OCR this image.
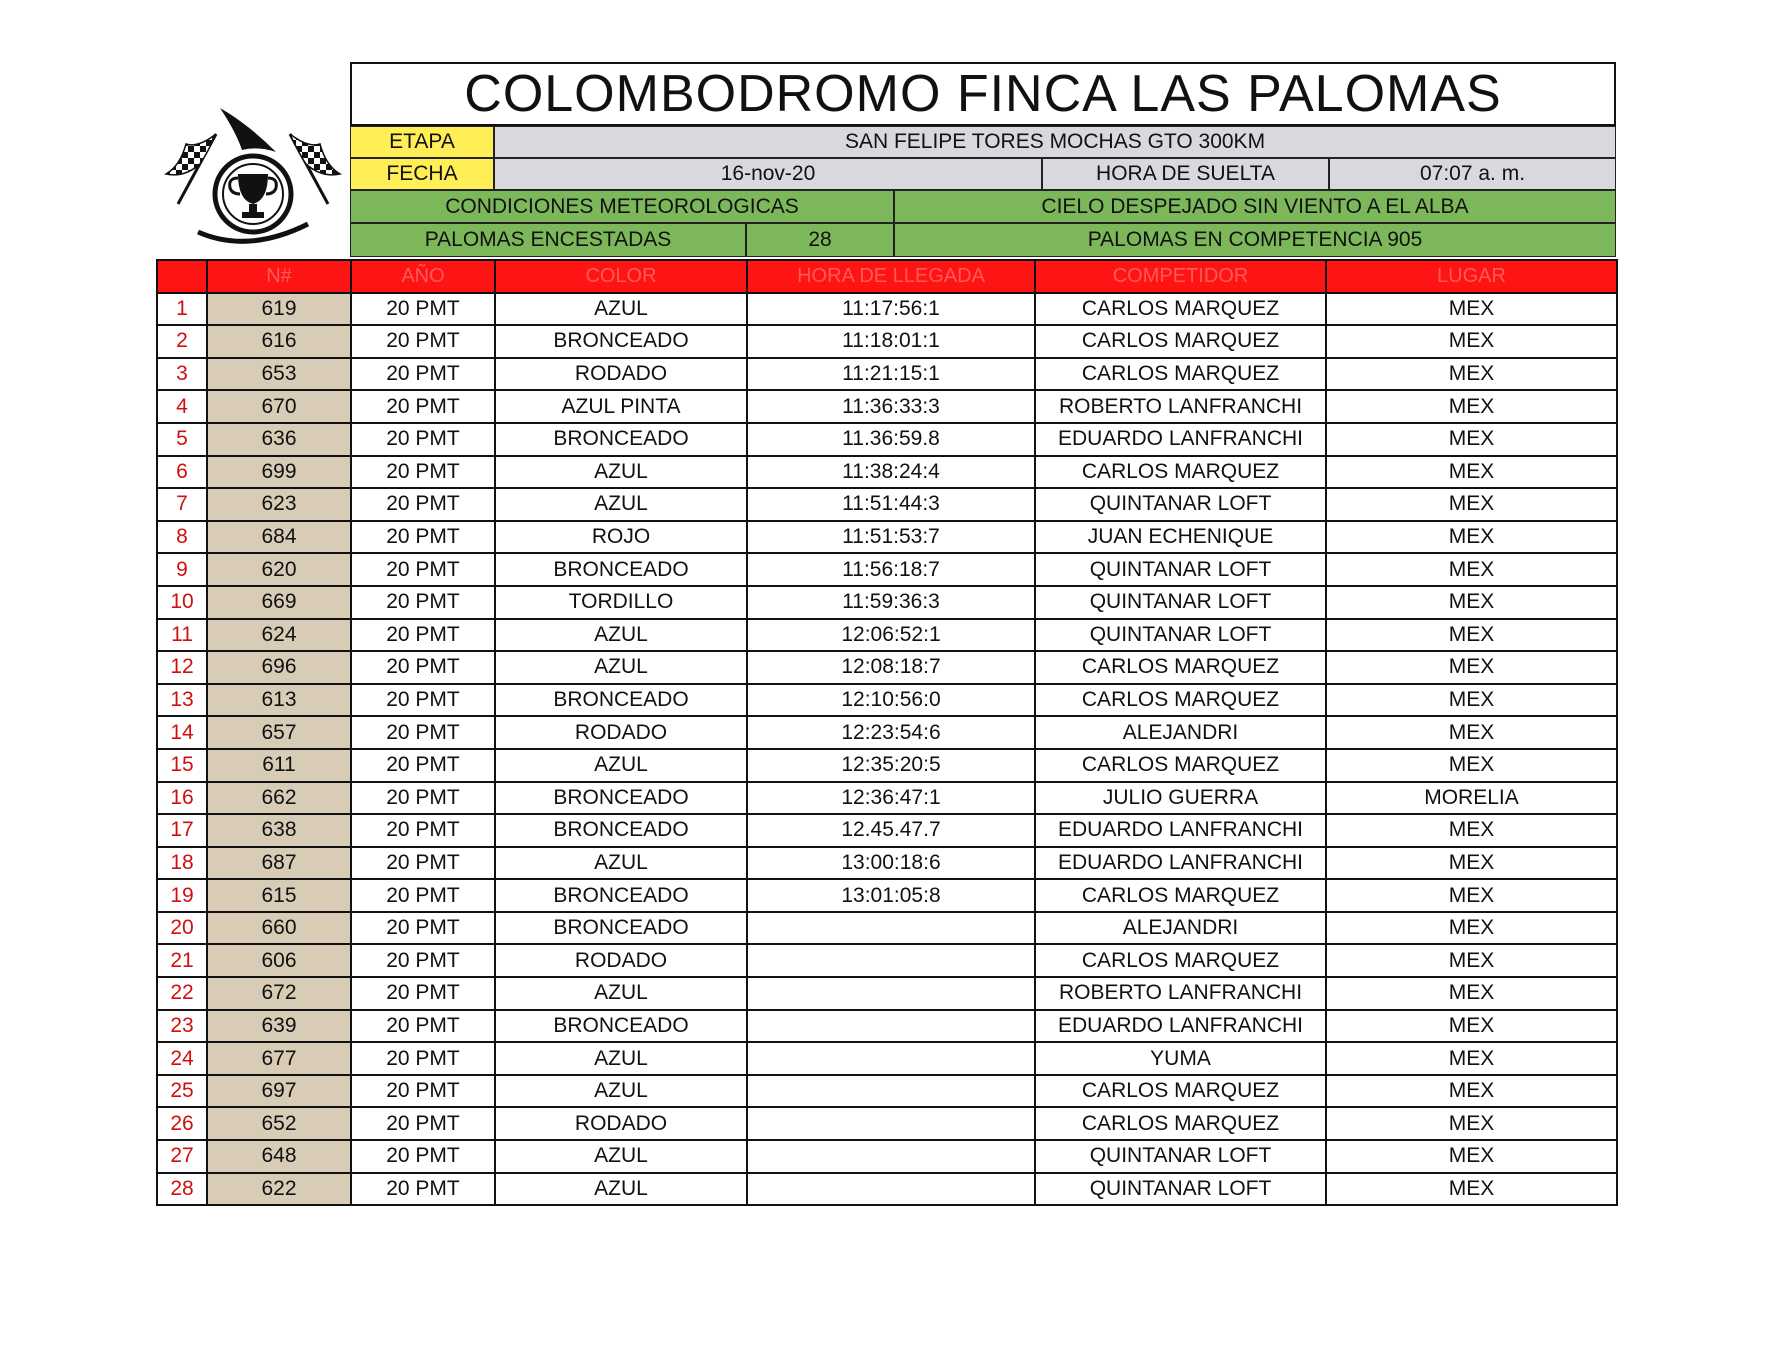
COLOMBODROMO FINCA LAS PALOMAS
ETAPA	SAN FELIPE TORES MOCHAS GTO 300KM
FECHA	16-nov-20	HORA DE SUELTA	07:07 a. m.
CONDICIONES METEOROLOGICAS	CIELO DESPEJADO SIN VIENTO A EL ALBA
PALOMAS ENCESTADAS	28	PALOMAS EN COMPETENCIA 905
	N#	AÑO	COLOR	HORA DE LLEGADA	COMPETIDOR	LUGAR
1	619	20 PMT	AZUL	11:17:56:1	CARLOS MARQUEZ	MEX
2	616	20 PMT	BRONCEADO	11:18:01:1	CARLOS MARQUEZ	MEX
3	653	20 PMT	RODADO	11:21:15:1	CARLOS MARQUEZ	MEX
4	670	20 PMT	AZUL PINTA	11:36:33:3	ROBERTO LANFRANCHI	MEX
5	636	20 PMT	BRONCEADO	11.36:59.8	EDUARDO LANFRANCHI	MEX
6	699	20 PMT	AZUL	11:38:24:4	CARLOS MARQUEZ	MEX
7	623	20 PMT	AZUL	11:51:44:3	QUINTANAR LOFT	MEX
8	684	20 PMT	ROJO	11:51:53:7	JUAN ECHENIQUE	MEX
9	620	20 PMT	BRONCEADO	11:56:18:7	QUINTANAR LOFT	MEX
10	669	20 PMT	TORDILLO	11:59:36:3	QUINTANAR LOFT	MEX
11	624	20 PMT	AZUL	12:06:52:1	QUINTANAR LOFT	MEX
12	696	20 PMT	AZUL	12:08:18:7	CARLOS MARQUEZ	MEX
13	613	20 PMT	BRONCEADO	12:10:56:0	CARLOS MARQUEZ	MEX
14	657	20 PMT	RODADO	12:23:54:6	ALEJANDRI	MEX
15	611	20 PMT	AZUL	12:35:20:5	CARLOS MARQUEZ	MEX
16	662	20 PMT	BRONCEADO	12:36:47:1	JULIO GUERRA	MORELIA
17	638	20 PMT	BRONCEADO	12.45.47.7	EDUARDO LANFRANCHI	MEX
18	687	20 PMT	AZUL	13:00:18:6	EDUARDO LANFRANCHI	MEX
19	615	20 PMT	BRONCEADO	13:01:05:8	CARLOS MARQUEZ	MEX
20	660	20 PMT	BRONCEADO		ALEJANDRI	MEX
21	606	20 PMT	RODADO		CARLOS MARQUEZ	MEX
22	672	20 PMT	AZUL		ROBERTO LANFRANCHI	MEX
23	639	20 PMT	BRONCEADO		EDUARDO LANFRANCHI	MEX
24	677	20 PMT	AZUL		YUMA	MEX
25	697	20 PMT	AZUL		CARLOS MARQUEZ	MEX
26	652	20 PMT	RODADO		CARLOS MARQUEZ	MEX
27	648	20 PMT	AZUL		QUINTANAR LOFT	MEX
28	622	20 PMT	AZUL		QUINTANAR LOFT	MEX
